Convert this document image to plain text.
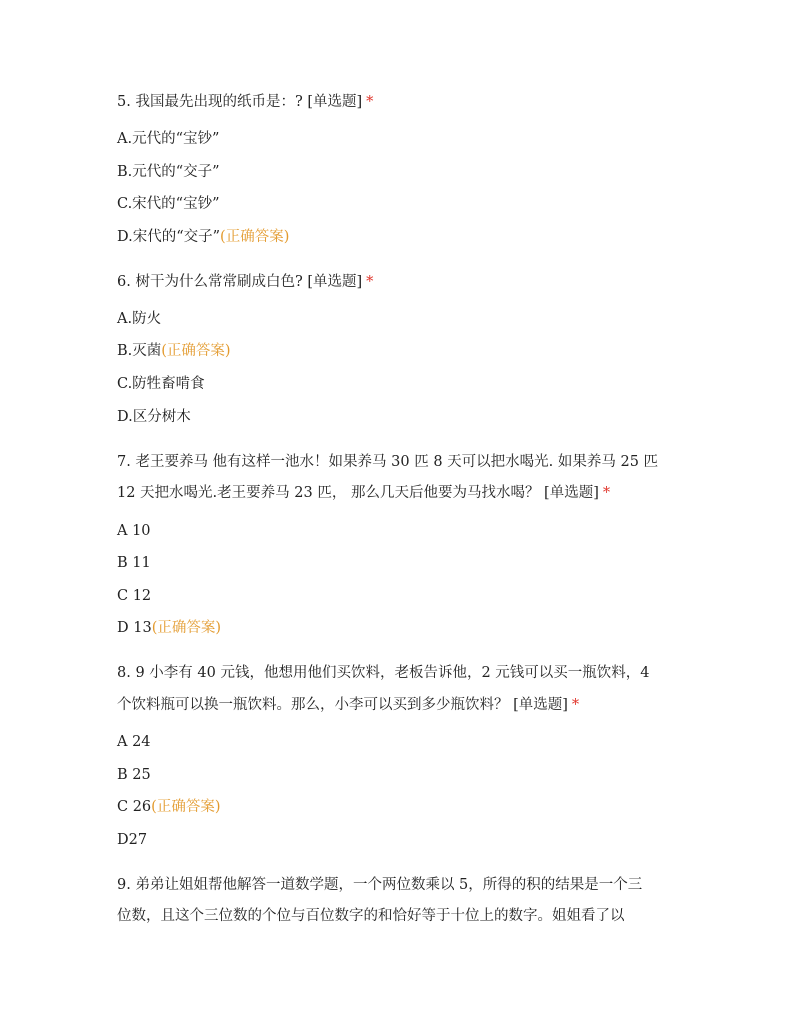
5. 我国最先出现的纸币是：? [单选题] *
A.元代的“宝钞”
B.元代的“交子”
C.宋代的“宝钞”
D.宋代的“交子”(正确答案)
6. 树干为什么常常刷成白色? [单选题] *
A.防火
B.灭菌(正确答案)
C.防牲畜啃食
D.区分树木
7. 老王要养马 他有这样一池水！如果养马 30 匹 8 天可以把水喝光. 如果养马 25 匹
12 天把水喝光.老王要养马 23 匹， 那么几天后他要为马找水喝？ [单选题] *
A 10
B 11
C 12
D 13(正确答案)
8. 9 小李有 40 元钱，他想用他们买饮料，老板告诉他，2 元钱可以买一瓶饮料，4
个饮料瓶可以换一瓶饮料。那么，小李可以买到多少瓶饮料？ [单选题] *
A 24
B 25
C 26(正确答案)
D27
9. 弟弟让姐姐帮他解答一道数学题，一个两位数乘以 5，所得的积的结果是一个三
位数，且这个三位数的个位与百位数字的和恰好等于十位上的数字。姐姐看了以
